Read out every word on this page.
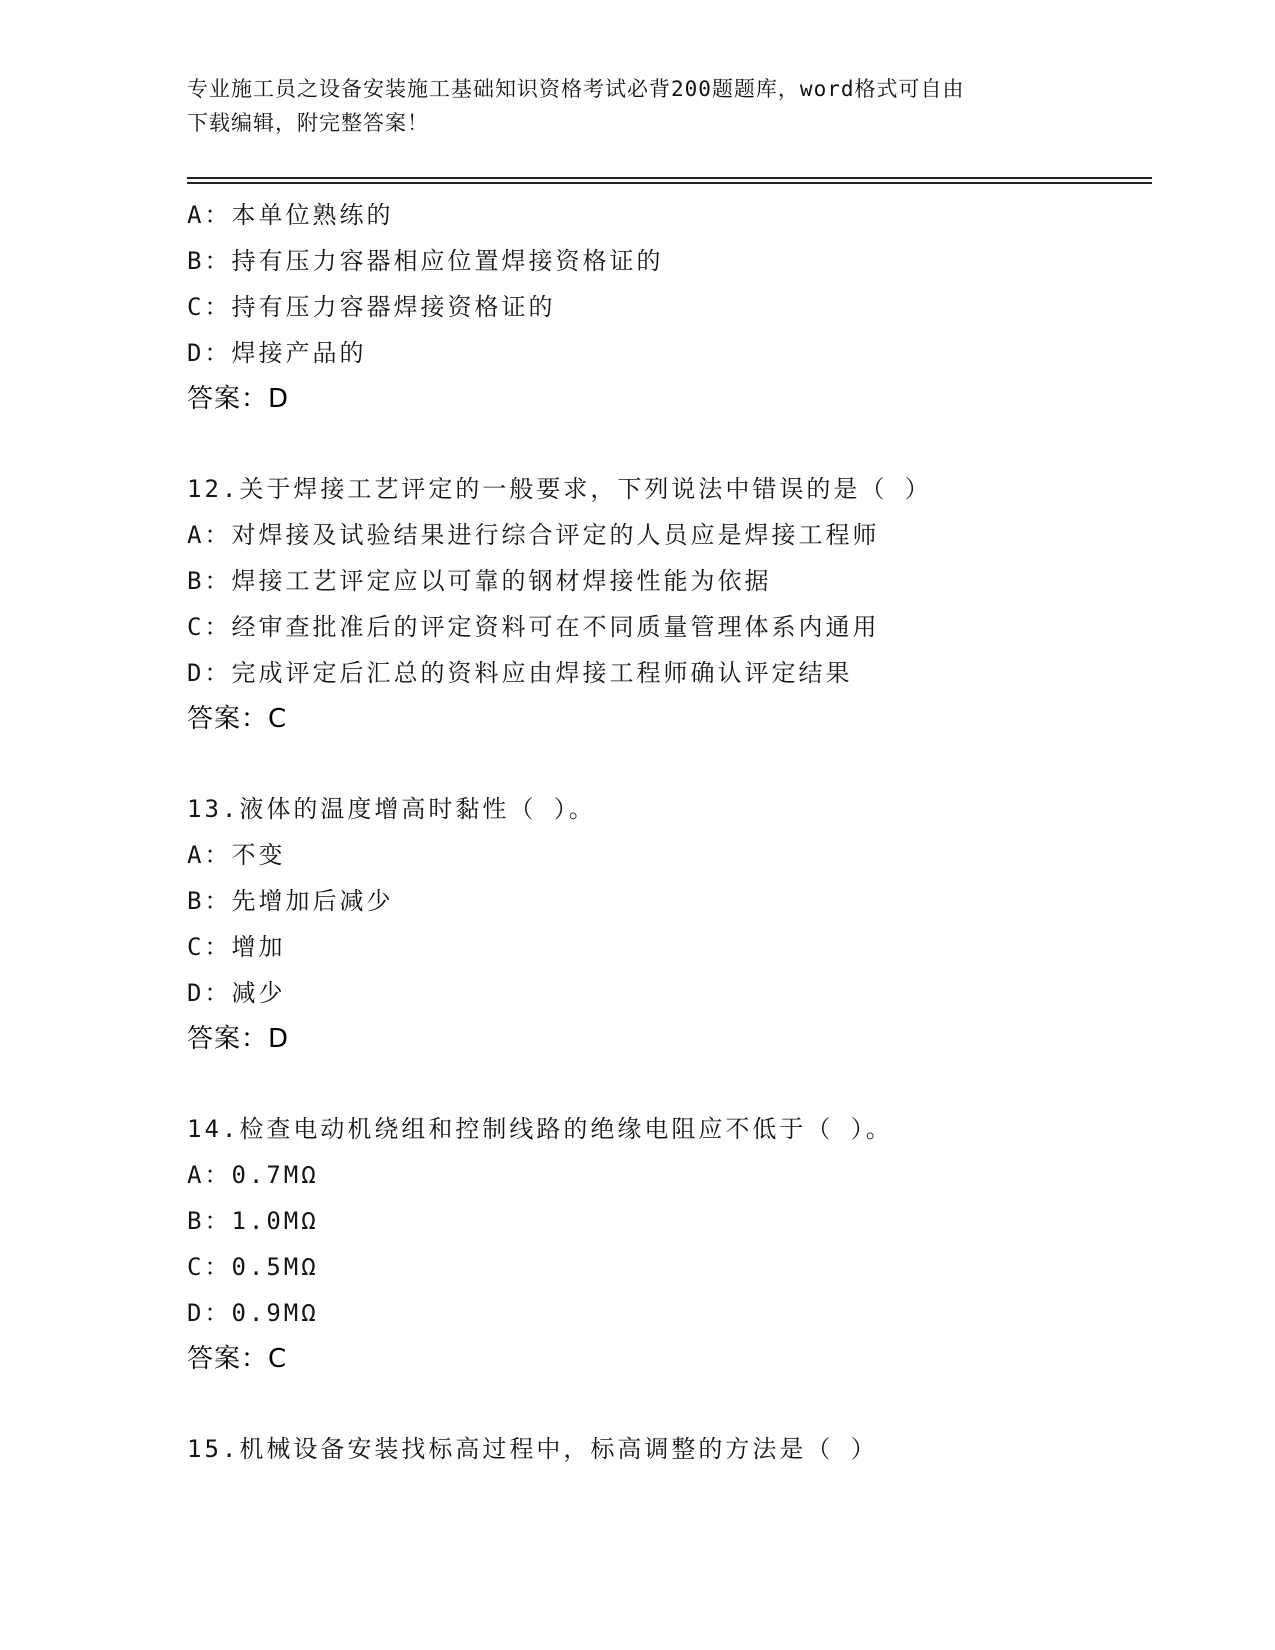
专业施工员之设备安装施工基础知识资格考试必背200题题库，word格式可自由
下载编辑，附完整答案！
A：本单位熟练的
B：持有压力容器相应位置焊接资格证的
C：持有压力容器焊接资格证的
D：焊接产品的
答案：D
12.关于焊接工艺评定的一般要求，下列说法中错误的是（ ）
A：对焊接及试验结果进行综合评定的人员应是焊接工程师
B：焊接工艺评定应以可靠的钢材焊接性能为依据
C：经审查批准后的评定资料可在不同质量管理体系内通用
D：完成评定后汇总的资料应由焊接工程师确认评定结果
答案：C
13.液体的温度增高时黏性（ ）。
A：不变
B：先增加后减少
C：增加
D：减少
答案：D
14.检查电动机绕组和控制线路的绝缘电阻应不低于（ ）。
A：0.7MΩ
B：1.0MΩ
C：0.5MΩ
D：0.9MΩ
答案：C
15.机械设备安装找标高过程中，标高调整的方法是（ ）
